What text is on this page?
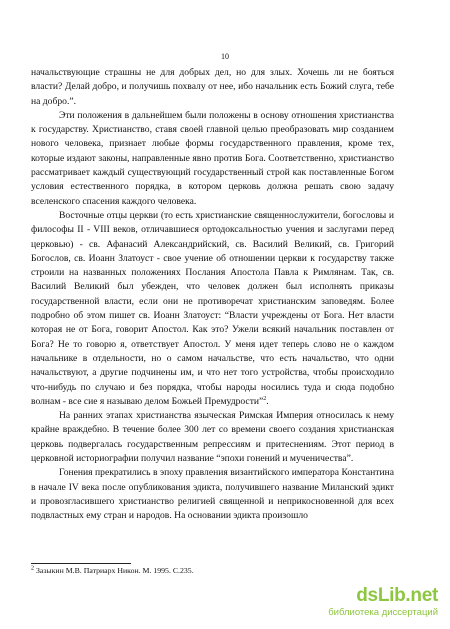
10

начальствующие страшны не для добрых дел, но для злых. Хочешь ли не бояться власти? Делай добро, и получишь похвалу от нее, ибо начальник есть Божий слуга, тебе на добро.”.

Эти положения в дальнейшем были положены в основу отношения христианства к государству. Христианство, ставя своей главной целью преобразовать мир созданием нового человека, признает любые формы государственного правления, кроме тех, которые издают законы, направленные явно против Бога. Соответственно, христианство рассматривает каждый существующий государственный строй как поставленные Богом условия естественного порядка, в котором церковь должна решать свою задачу вселенского спасения каждого человека.

Восточные отцы церкви (то есть христианские священнослужители, богословы и философы II - VIII веков, отличавшиеся ортодоксальностью учения и заслугами перед церковью) - св. Афанасий Александрийский, св. Василий Великий, св. Григорий Богослов, св. Иоанн Златоуст - свое учение об отношении церкви к государству также строили на названных положениях Послания Апостола Павла к Римлянам. Так, св. Василий Великий был убежден, что человек должен был исполнять приказы государственной власти, если они не противоречат христианским заповедям. Более подробно об этом пишет св. Иоанн Златоуст: “Власти учреждены от Бога. Нет власти которая не от Бога, говорит Апостол. Как это? Ужели всякий начальник поставлен от Бога? Не то говорю я, ответствует Апостол. У меня идет теперь слово не о каждом начальнике в отдельности, но о самом начальстве, что есть начальство, что одни начальствуют, а другие подчинены им, и что нет того устройства, чтобы происходило что-нибудь по случаю и без порядка, чтобы народы носились туда и сюда подобно волнам - все сие я называю делом Божьей Премудрости”$^2$.

На ранних этапах христианства языческая Римская Империя относилась к нему крайне враждебно. В течение более 300 лет со времени своего создания христианская церковь подвергалась государственным репрессиям и притеснениям. Этот период в церковной историографии получил название “эпохи гонений и мученичества”.

Гонения прекратились в эпоху правления византийского императора Константина в начале IV века после опубликования эдикта, получившего название Миланский эдикт и провозгласившего христианство религией священной и неприкосновенной для всех подвластных ему стран и народов. На основании эдикта произошло

$^2$ Зазыкин М.В. Патриарх Никон. М. 1995. С.235.
dsLib.net
библиотека диссертаций
